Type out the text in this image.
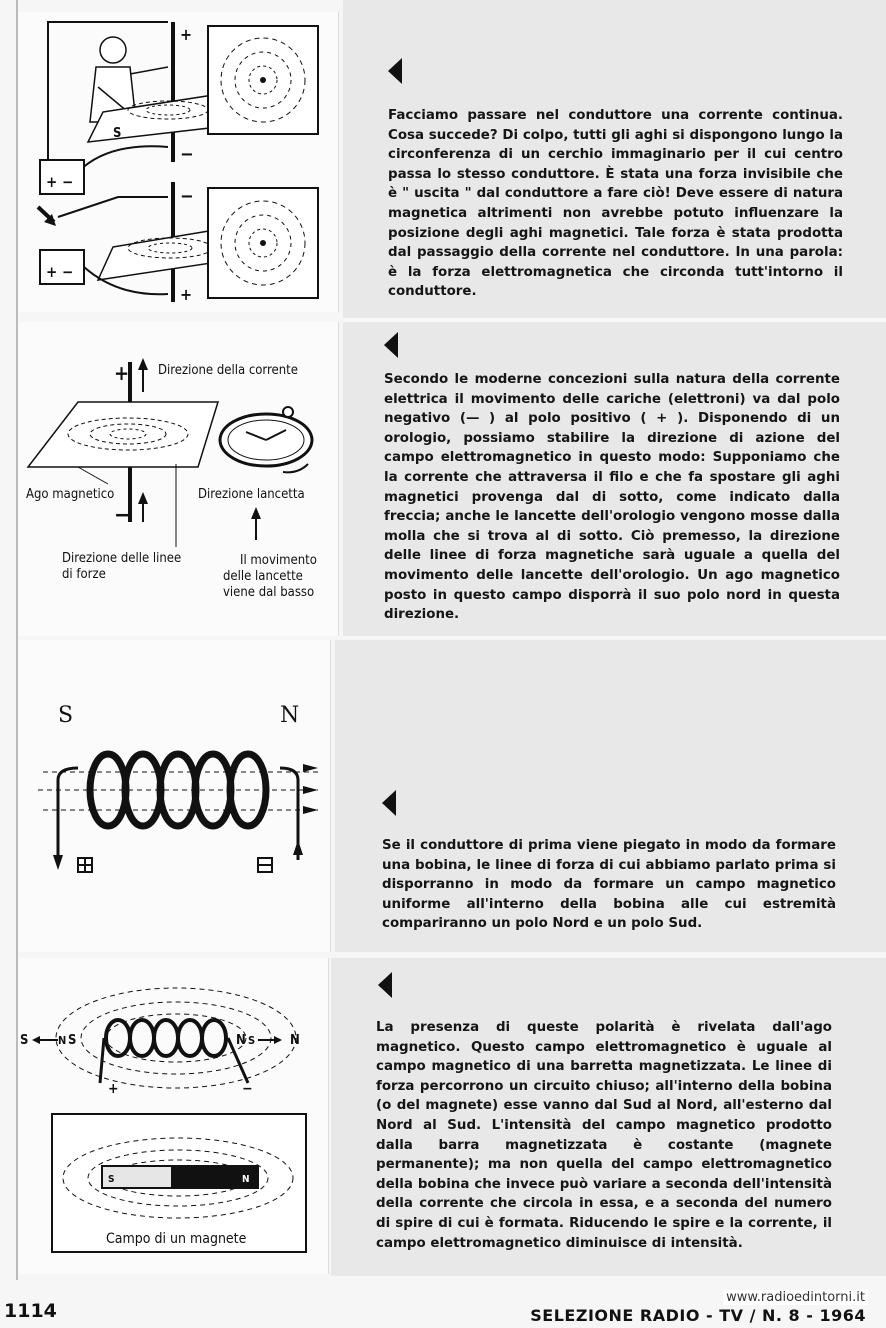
+
−
S
+ −
−
+
+ −

Facciamo passare nel conduttore una corrente continua. Cosa succede? Di colpo, tutti gli aghi si dispongono lungo la circonferenza di un cerchio immaginario per il cui centro passa lo stesso conduttore. È stata una forza invisibile che è " uscita " dal conduttore a fare ciò! Deve essere di natura magnetica altrimenti non avrebbe potuto influenzare la posizione degli aghi magnetici. Tale forza è stata prodotta dal passaggio della corrente nel conduttore. In una parola: è la forza elettromagnetica che circonda tutt'intorno il conduttore.

+ Direzione della corrente
Ago magnetico
−
Direzione lancetta
Direzione delle linee
di forze
Il movimento
delle lancette
viene dal basso

Secondo le moderne concezioni sulla natura della corrente elettrica il movimento delle cariche (elettroni) va dal polo negativo (— ) al polo positivo ( + ). Disponendo di un orologio, possiamo stabilire la direzione di azione del campo elettromagnetico in questo modo: Supponiamo che la corrente che attraversa il filo e che fa spostare gli aghi magnetici provenga dal di sotto, come indicato dalla freccia; anche le lancette dell'orologio vengono mosse dalla molla che si trova al di sotto. Ciò premesso, la direzione delle linee di forza magnetiche sarà uguale a quella del movimento delle lancette dell'orologio. Un ago magnetico posto in questo campo disporrà il suo polo nord in questa direzione.

S	N

Se il conduttore di prima viene piegato in modo da formare una bobina, le linee di forza di cui abbiamo parlato prima si disporranno in modo da formare un campo magnetico uniforme all'interno della bobina alle cui estremità compariranno un polo Nord e un polo Sud.

S	N S	N S	N
+	−
S	N
Campo di un magnete

La presenza di queste polarità è rivelata dall'ago magnetico. Questo campo elettromagnetico è uguale al campo magnetico di una barretta magnetizzata. Le linee di forza percorrono un circuito chiuso; all'interno della bobina (o del magnete) esse vanno dal Sud al Nord, all'esterno dal Nord al Sud. L'intensità del campo magnetico prodotto dalla barra magnetizzata è costante (magnete permanente); ma non quella del campo elettromagnetico della bobina che invece può variare a seconda dell'intensità della corrente che circola in essa, e a seconda del numero di spire di cui è formata. Riducendo le spire e la corrente, il campo elettromagnetico diminuisce di intensità.

1114	SELEZIONE RADIO - TV / N. 8 - 1964
www.radioedintorni.it
